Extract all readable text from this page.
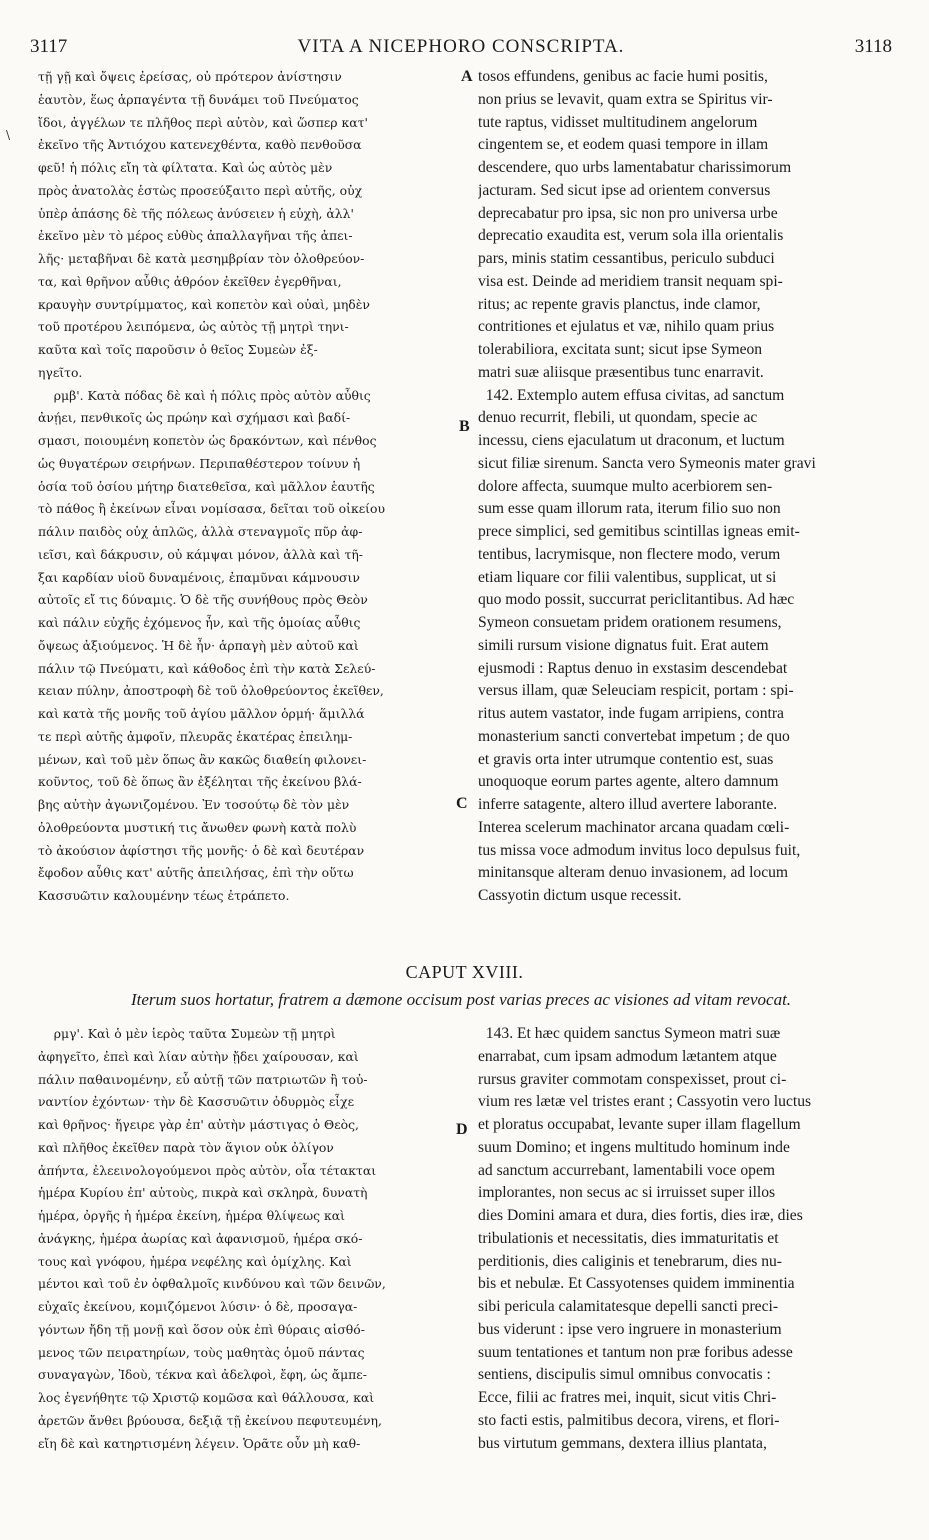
3117	VITA A NICEPHORO CONSCRIPTA.	3118
\
τῇ γῇ καὶ ὄψεις ἐρείσας, οὐ πρότερον ἀνίστησιν
ἑαυτὸν, ἕως ἁρπαγέντα τῇ δυνάμει τοῦ Πνεύματος
ἴδοι, ἀγγέλων τε πλῆθος περὶ αὐτὸν, καὶ ὥσπερ κατ'
ἐκεῖνο τῆς Ἀντιόχου κατενεχθέντα, καθὸ πενθοῦσα
φεῦ! ἡ πόλις εἴη τὰ φίλτατα. Καὶ ὡς αὐτὸς μὲν
πρὸς ἀνατολὰς ἑστὼς προσεύξαιτο περὶ αὐτῆς, οὐχ
ὑπὲρ ἁπάσης δὲ τῆς πόλεως ἀνύσειεν ἡ εὐχὴ, ἀλλ'
ἐκεῖνο μὲν τὸ μέρος εὐθὺς ἀπαλλαγῆναι τῆς ἀπει-
λῆς· μεταβῆναι δὲ κατὰ μεσημβρίαν τὸν ὀλοθρεύον-
τα, καὶ θρῆνον αὖθις ἀθρόον ἐκεῖθεν ἐγερθῆναι,
κραυγὴν συντρίμματος, καὶ κοπετὸν καὶ οὐαὶ, μηδὲν
τοῦ προτέρου λειπόμενα, ὡς αὐτὸς τῇ μητρὶ τηνι-
καῦτα καὶ τοῖς παροῦσιν ὁ θεῖος Συμεὼν ἐξ-
ηγεῖτο.
ρμβ'. Κατὰ πόδας δὲ καὶ ἡ πόλις πρὸς αὐτὸν αὖθις
ἀνῄει, πενθικοῖς ὡς πρώην καὶ σχήμασι καὶ βαδί-
σμασι, ποιουμένη κοπετὸν ὡς δρακόντων, καὶ πένθος
ὡς θυγατέρων σειρήνων. Περιπαθέστερον τοίνυν ἡ
ὁσία τοῦ ὁσίου μήτηρ διατεθεῖσα, καὶ μᾶλλον ἑαυτῆς
τὸ πάθος ἢ ἐκείνων εἶναι νομίσασα, δεῖται τοῦ οἰκείου
πάλιν παιδὸς οὐχ ἁπλῶς, ἀλλὰ στεναγμοῖς πῦρ ἀφ-
ιεῖσι, καὶ δάκρυσιν, οὐ κάμψαι μόνον, ἀλλὰ καὶ τῆ-
ξαι καρδίαν υἱοῦ δυναμένοις, ἐπαμῦναι κάμνουσιν
αὐτοῖς εἴ τις δύναμις. Ὁ δὲ τῆς συνήθους πρὸς Θεὸν
καὶ πάλιν εὐχῆς ἐχόμενος ἦν, καὶ τῆς ὁμοίας αὖθις
ὄψεως ἀξιούμενος. Ἡ δὲ ἦν· ἁρπαγὴ μὲν αὐτοῦ καὶ
πάλιν τῷ Πνεύματι, καὶ κάθοδος ἐπὶ τὴν κατὰ Σελεύ-
κειαν πύλην, ἀποστροφὴ δὲ τοῦ ὀλοθρεύοντος ἐκεῖθεν,
καὶ κατὰ τῆς μονῆς τοῦ ἁγίου μᾶλλον ὁρμή· ἅμιλλά
τε περὶ αὐτῆς ἀμφοῖν, πλευρᾶς ἑκατέρας ἐπειλημ-
μένων, καὶ τοῦ μὲν ὅπως ἂν κακῶς διαθείη φιλονει-
κοῦντος, τοῦ δὲ ὅπως ἂν ἐξέληται τῆς ἐκείνου βλά-
βης αὐτὴν ἀγωνιζομένου. Ἐν τοσούτῳ δὲ τὸν μὲν
ὀλοθρεύοντα μυστική τις ἄνωθεν φωνὴ κατὰ πολὺ
τὸ ἀκούσιον ἀφίστησι τῆς μονῆς· ὁ δὲ καὶ δευτέραν
ἔφοδον αὖθις κατ' αὐτῆς ἀπειλήσας, ἐπὶ τὴν οὕτω
Κασσυῶτιν καλουμένην τέως ἐτράπετο.
tosos effundens, genibus ac facie humi positis,
non prius se levavit, quam extra se Spiritus vir-
tute raptus, vidisset multitudinem angelorum
cingentem se, et eodem quasi tempore in illam
descendere, quo urbs lamentabatur charissimorum
jacturam. Sed sicut ipse ad orientem conversus
deprecabatur pro ipsa, sic non pro universa urbe
deprecatio exaudita est, verum sola illa orientalis
pars, minis statim cessantibus, periculo subduci
visa est. Deinde ad meridiem transit nequam spi-
ritus; ac repente gravis planctus, inde clamor,
contritiones et ejulatus et væ, nihilo quam prius
tolerabiliora, excitata sunt; sicut ipse Symeon
matri suæ aliisque præsentibus tunc enarravit.
142. Extemplo autem effusa civitas, ad sanctum
denuo recurrit, flebili, ut quondam, specie ac
incessu, ciens ejaculatum ut draconum, et luctum
sicut filiæ sirenum. Sancta vero Symeonis mater gravi
dolore affecta, suumque multo acerbiorem sen-
sum esse quam illorum rata, iterum filio suo non
prece simplici, sed gemitibus scintillas igneas emit-
tentibus, lacrymisque, non flectere modo, verum
etiam liquare cor filii valentibus, supplicat, ut si
quo modo possit, succurrat periclitantibus. Ad hæc
Symeon consuetam pridem orationem resumens,
simili rursum visione dignatus fuit. Erat autem
ejusmodi : Raptus denuo in exstasim descendebat
versus illam, quæ Seleuciam respicit, portam : spi-
ritus autem vastator, inde fugam arripiens, contra
monasterium sancti convertebat impetum ; de quo
et gravis orta inter utrumque contentio est, suas
unoquoque eorum partes agente, altero damnum
inferre satagente, altero illud avertere laborante.
Interea scelerum machinator arcana quadam cœli-
tus missa voce admodum invitus loco depulsus fuit,
minitansque alteram denuo invasionem, ad locum
Cassyotin dictum usque recessit.
A
B
C
D
CAPUT XVIII.
Iterum suos hortatur, fratrem a dæmone occisum post varias preces ac visiones ad vitam revocat.
ρμγ'. Καὶ ὁ μὲν ἱερὸς ταῦτα Συμεὼν τῇ μητρὶ
ἀφηγεῖτο, ἐπεὶ καὶ λίαν αὐτὴν ᾔδει χαίρουσαν, καὶ
πάλιν παθαινομένην, εὖ αὐτῇ τῶν πατριωτῶν ἢ τοὐ-
ναντίον ἐχόντων· τὴν δὲ Κασσυῶτιν ὀδυρμὸς εἶχε
καὶ θρῆνος· ἤγειρε γὰρ ἐπ' αὐτὴν μάστιγας ὁ Θεὸς,
καὶ πλῆθος ἐκεῖθεν παρὰ τὸν ἅγιον οὐκ ὀλίγον
ἀπήντα, ἐλεεινολογούμενοι πρὸς αὐτὸν, οἷα τέτακται
ἡμέρα Κυρίου ἐπ' αὐτοὺς, πικρὰ καὶ σκληρὰ, δυνατὴ
ἡμέρα, ὀργῆς ἡ ἡμέρα ἐκείνη, ἡμέρα θλίψεως καὶ
ἀνάγκης, ἡμέρα ἀωρίας καὶ ἀφανισμοῦ, ἡμέρα σκό-
τους καὶ γνόφου, ἡμέρα νεφέλης καὶ ὁμίχλης. Καὶ
μέντοι καὶ τοῦ ἐν ὀφθαλμοῖς κινδύνου καὶ τῶν δεινῶν,
εὐχαῖς ἐκείνου, κομιζόμενοι λύσιν· ὁ δὲ, προσαγα-
γόντων ἤδη τῇ μονῇ καὶ ὅσον οὐκ ἐπὶ θύραις αἰσθό-
μενος τῶν πειρατηρίων, τοὺς μαθητὰς ὁμοῦ πάντας
συναγαγὼν, Ἰδοὺ, τέκνα καὶ ἀδελφοὶ, ἔφη, ὡς ἄμπε-
λος ἐγενήθητε τῷ Χριστῷ κομῶσα καὶ θάλλουσα, καὶ
ἀρετῶν ἄνθει βρύουσα, δεξιᾷ τῇ ἐκείνου πεφυτευμένη,
εἴη δὲ καὶ κατηρτισμένη λέγειν. Ὁρᾶτε οὖν μὴ καθ-
143. Et hæc quidem sanctus Symeon matri suæ
enarrabat, cum ipsam admodum lætantem atque
rursus graviter commotam conspexisset, prout ci-
vium res lætæ vel tristes erant ; Cassyotin vero luctus
et ploratus occupabat, levante super illam flagellum
suum Domino; et ingens multitudo hominum inde
ad sanctum accurrebant, lamentabili voce opem
implorantes, non secus ac si irruisset super illos
dies Domini amara et dura, dies fortis, dies iræ, dies
tribulationis et necessitatis, dies immaturitatis et
perditionis, dies caliginis et tenebrarum, dies nu-
bis et nebulæ. Et Cassyotenses quidem imminentia
sibi pericula calamitatesque depelli sancti preci-
bus viderunt : ipse vero ingruere in monasterium
suum tentationes et tantum non præ foribus adesse
sentiens, discipulis simul omnibus convocatis :
Ecce, filii ac fratres mei, inquit, sicut vitis Chri-
sto facti estis, palmitibus decora, virens, et flori-
bus virtutum gemmans, dextera illius plantata,
